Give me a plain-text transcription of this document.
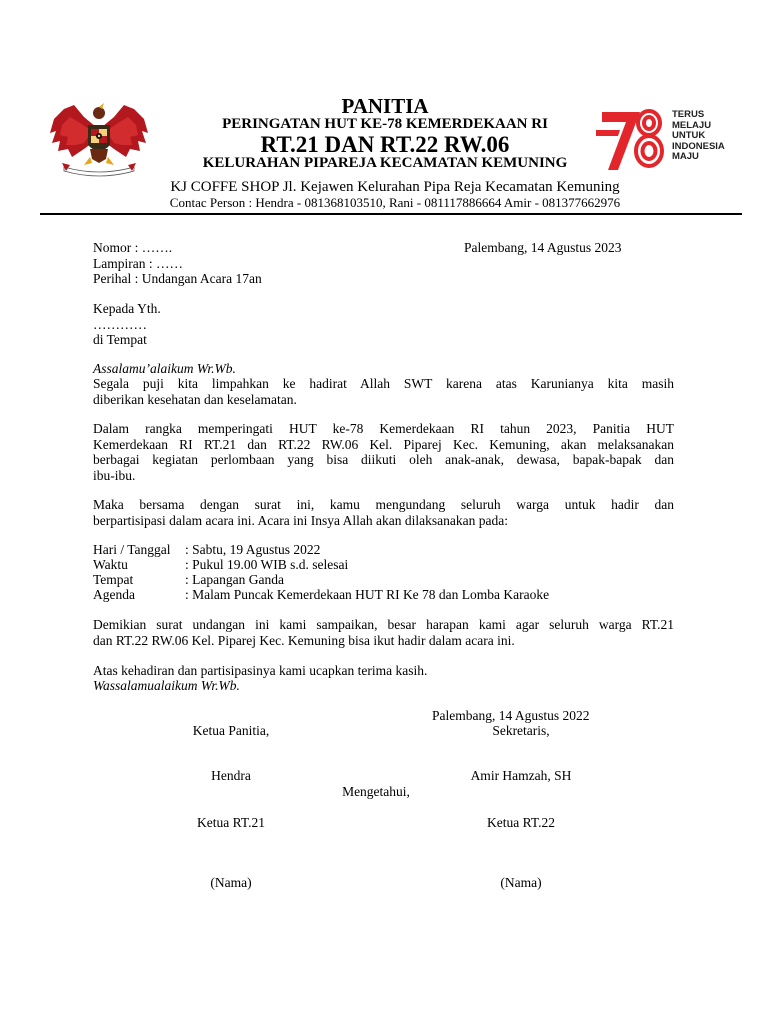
TERUS
MELAJU
UNTUK
INDONESIA
MAJU
PANITIA
PERINGATAN HUT KE-78 KEMERDEKAAN RI
RT.21 DAN RT.22 RW.06
KELURAHAN PIPAREJA KECAMATAN KEMUNING
KJ COFFE SHOP Jl. Kejawen Kelurahan Pipa Reja Kecamatan Kemuning
Contac Person : Hendra - 081368103510, Rani - 081117886664 Amir - 081377662976
Nomor : …….	Palembang, 14 Agustus 2023
Lampiran : ……
Perihal : Undangan Acara 17an
Kepada Yth.
…………
di Tempat
Assalamu’alaikum Wr.Wb.
Segala puji kita limpahkan ke hadirat Allah SWT karena atas Karunianya kita masih
diberikan kesehatan dan keselamatan.
Dalam rangka memperingati HUT ke-78 Kemerdekaan RI tahun 2023, Panitia HUT
Kemerdekaan RI RT.21 dan RT.22 RW.06 Kel. Piparej Kec. Kemuning, akan melaksanakan
berbagai kegiatan perlombaan yang bisa diikuti oleh anak-anak, dewasa, bapak-bapak dan
ibu-ibu.
Maka bersama dengan surat ini, kamu mengundang seluruh warga untuk hadir dan
berpartisipasi dalam acara ini. Acara ini Insya Allah akan dilaksanakan pada:
Hari / Tanggal : Sabtu, 19 Agustus 2022
Waktu	: Pukul 19.00 WIB s.d. selesai
Tempat	: Lapangan Ganda
Agenda	: Malam Puncak Kemerdekaan HUT RI Ke 78 dan Lomba Karaoke
Demikian surat undangan ini kami sampaikan, besar harapan kami agar seluruh warga RT.21
dan RT.22 RW.06 Kel. Piparej Kec. Kemuning bisa ikut hadir dalam acara ini.
Atas kehadiran dan partisipasinya kami ucapkan terima kasih.
Wassalamualaikum Wr.Wb.
Palembang, 14 Agustus 2022
Ketua Panitia,	Sekretaris,
Hendra	Amir Hamzah, SH
Mengetahui,
Ketua RT.21	Ketua RT.22
(Nama)	(Nama)
